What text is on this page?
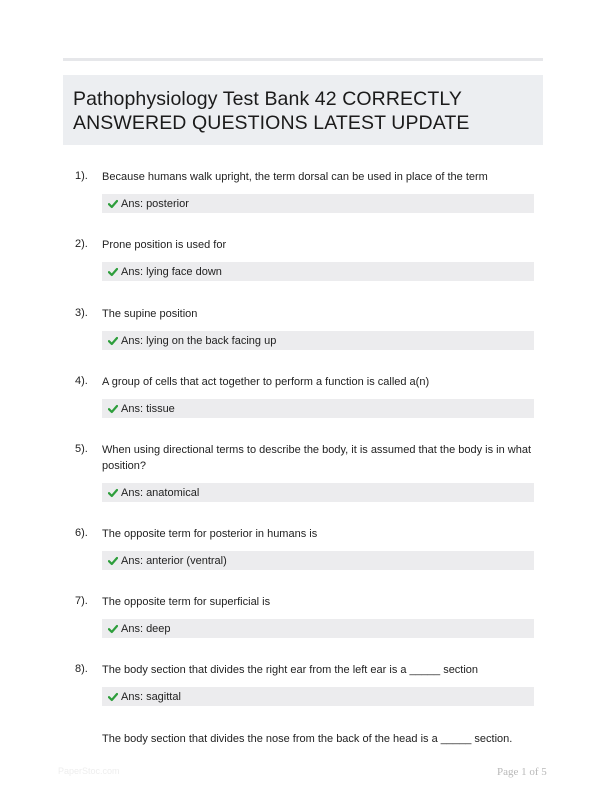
Pathophysiology Test Bank 42 CORRECTLY ANSWERED QUESTIONS LATEST UPDATE
1). Because humans walk upright, the term dorsal can be used in place of the term
Ans: posterior
2). Prone position is used for
Ans: lying face down
3). The supine position
Ans: lying on the back facing up
4). A group of cells that act together to perform a function is called a(n)
Ans: tissue
5). When using directional terms to describe the body, it is assumed that the body is in what position?
Ans: anatomical
6). The opposite term for posterior in humans is
Ans: anterior (ventral)
7). The opposite term for superficial is
Ans: deep
8). The body section that divides the right ear from the left ear is a _____ section
Ans: sagittal
The body section that divides the nose from the back of the head is a _____ section.
PaperStoc.com	Page 1 of 5
